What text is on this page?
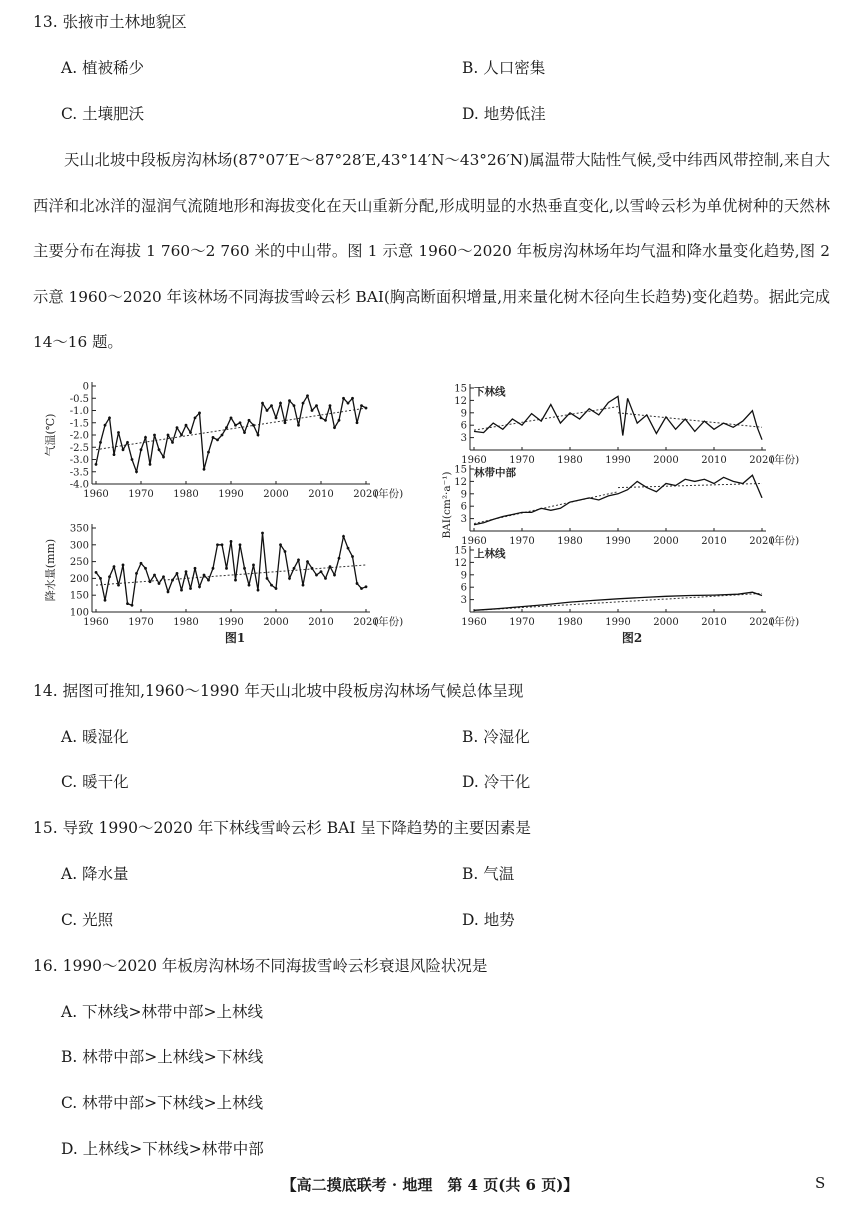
13. 张掖市土林地貌区
A. 植被稀少	B. 人口密集
C. 土壤肥沃	D. 地势低洼
天山北坡中段板房沟林场(87°07′E～87°28′E,43°14′N～43°26′N)属温带大陆性气候,受中纬西风带控制,来自大西洋和北冰洋的湿润气流随地形和海拔变化在天山重新分配,形成明显的水热垂直变化,以雪岭云杉为单优树种的天然林主要分布在海拔 1 760～2 760 米的中山带。图 1 示意 1960～2020 年板房沟林场年均气温和降水量变化趋势,图 2 示意 1960～2020 年该林场不同海拔雪岭云杉 BAI(胸高断面积增量,用来量化树木径向生长趋势)变化趋势。据此完成 14～16 题。
0
-0.5
-1.0
-1.5
-2.0
-2.5
-3.0
-3.5
-4.0
1960 1970 1980 1990 2000 2010 2020
(年份)
气温(℃)
350
300
250
200
150
100
1960 1970 1980 1990 2000 2010 2020
(年份)
降水量(mm)
图1
15
12
9
6
3
1960 1970 1980 1990 2000 2010 2020
(年份)
下林线
15
12
9
6
3
1960 1970 1980 1990 2000 2010 2020
(年份)
林带中部
15
12
9
6
3
1960 1970 1980 1990 2000 2010 2020
(年份)
上林线
BAI(cm²·a⁻¹)
图2
14. 据图可推知,1960～1990 年天山北坡中段板房沟林场气候总体呈现
A. 暖湿化	B. 冷湿化
C. 暖干化	D. 冷干化
15. 导致 1990～2020 年下林线雪岭云杉 BAI 呈下降趋势的主要因素是
A. 降水量	B. 气温
C. 光照	D. 地势
16. 1990～2020 年板房沟林场不同海拔雪岭云杉衰退风险状况是
A. 下林线>林带中部>上林线
B. 林带中部>上林线>下林线
C. 林带中部>下林线>上林线
D. 上林线>下林线>林带中部
【高二摸底联考 · 地理　第 4 页(共 6 页)】	S
